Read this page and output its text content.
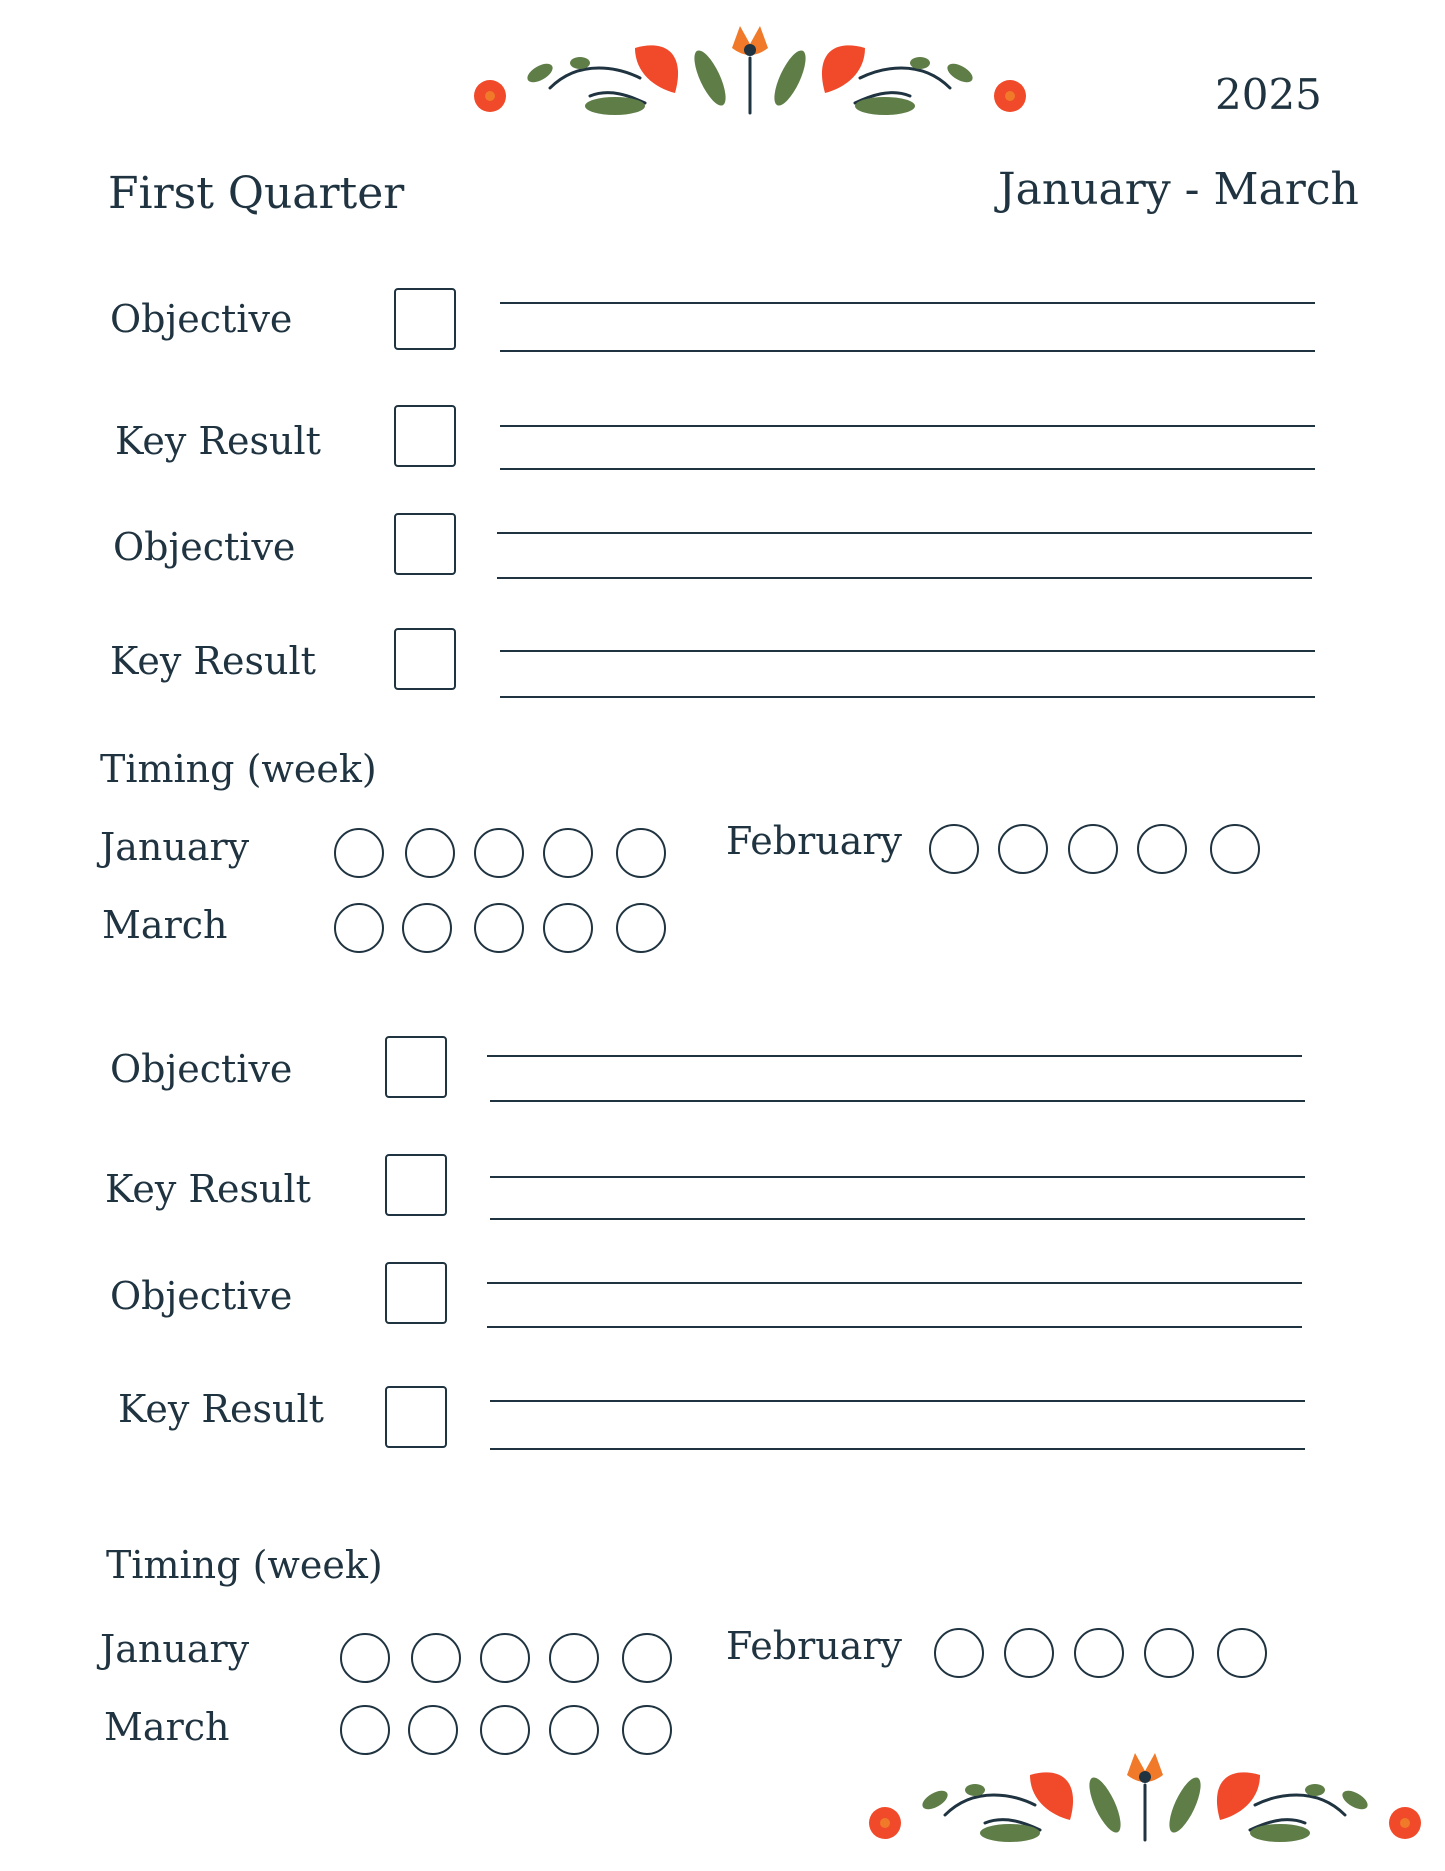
2025
First Quarter	January - March
Objective
Key Result
Objective
Key Result
Timing (week)
January	February
March
Objective
Key Result
Objective
Key Result
Timing (week)
January	February
March
